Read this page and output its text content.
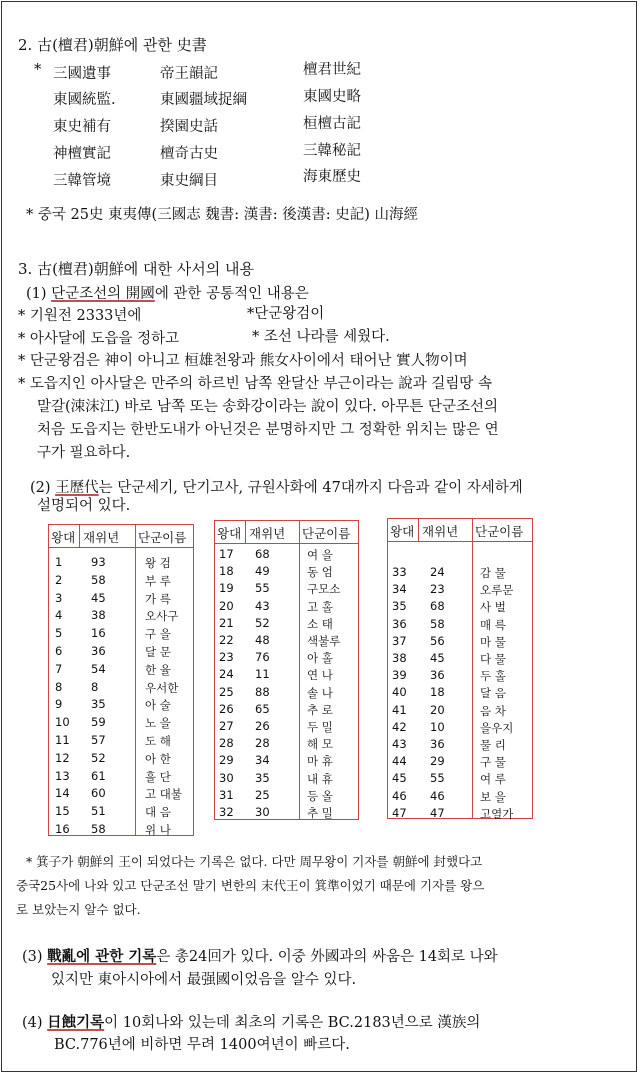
2. 古(檀君)朝鮮에 관한 史書
* 三國遺事	帝王韻記	檀君世紀
東國統監.	東國疆域捉綱	東國史略
東史補有	揆園史話	桓檀古記
神檀實記	檀奇古史	三韓秘記
三韓管境	東史綱目	海東歷史
* 중국 25史 東夷傳(三國志 魏書: 漢書: 後漢書: 史記) 山海經
3. 古(檀君)朝鮮에 대한 사서의 내용
(1) 단군조선의 開國에 관한 공통적인 내용은
* 기원전 2333년에	*단군왕검이
* 아사달에 도읍을 정하고	* 조선 나라를 세웠다.
* 단군왕검은 神이 아니고 桓雄천왕과 熊女사이에서 태어난 實人物이며
* 도읍지인 아사달은 만주의 하르빈 남쪽 완달산 부근이라는 說과 길림땅 속
말갈(涑沫江) 바로 남쪽 또는 송화강이라는 說이 있다. 아무튼 단군조선의
처음 도읍지는 한반도내가 아닌것은 분명하지만 그 정확한 위치는 많은 연
구가 필요하다.
(2) 王歷代는 단군세기, 단기고사, 규원사화에 47대까지 다음과 같이 자세하게
설명되어 있다.
왕대 재위년 단군이름
1 93	왕 검
2 58	부 루
3 45	가 륵
4 38	오사구
5 16	구 을
6 36	달 문
7 54	한 율
8 8	우서한
9 35	아 술
10 59	노 을
11 57	도 해
12 52	아 한
13 61	흘 단
14 60	고 대불
15 51	대 음
16 58	위 나
왕대 재위년 단군이름
17 68	여 을
18 49	동 엄
19 55	구모소
20 43	고 홀
21 52	소 태
22 48	색불루
23 76	아 홀
24 11	연 나
25 88	솔 나
26 65	추 로
27 26	두 밀
28 28	해 모
29 34	마 휴
30 35	내 휴
31 25	등 올
32 30	추 밀
왕대 재위년 단군이름
33 24	감 물
34 23	오루문
35 68	사 벌
36 58	매 륵
37 56	마 물
38 45	다 물
39 36	두 홀
40 18	달 음
41 20	음 차
42 10	을우지
43 36	물 리
44 29	구 물
45 55	여 루
46 46	보 을
47 47	고열가
* 箕子가 朝鮮의 王이 되었다는 기록은 없다. 다만 周무왕이 기자를 朝鮮에 封했다고
중국25사에 나와 있고 단군조선 말기 변한의 末代王이 箕準이었기 때문에 기자를 왕으
로 보았는지 알수 없다.
(3) 戰亂에 관한 기록은 총24回가 있다. 이중 外國과의 싸움은 14회로 나와
있지만 東아시아에서 最强國이었음을 알수 있다.
(4) 日蝕기록이 10회나와 있는데 최초의 기록은 BC.2183년으로 漢族의
BC.776년에 비하면 무려 1400여년이 빠르다.
